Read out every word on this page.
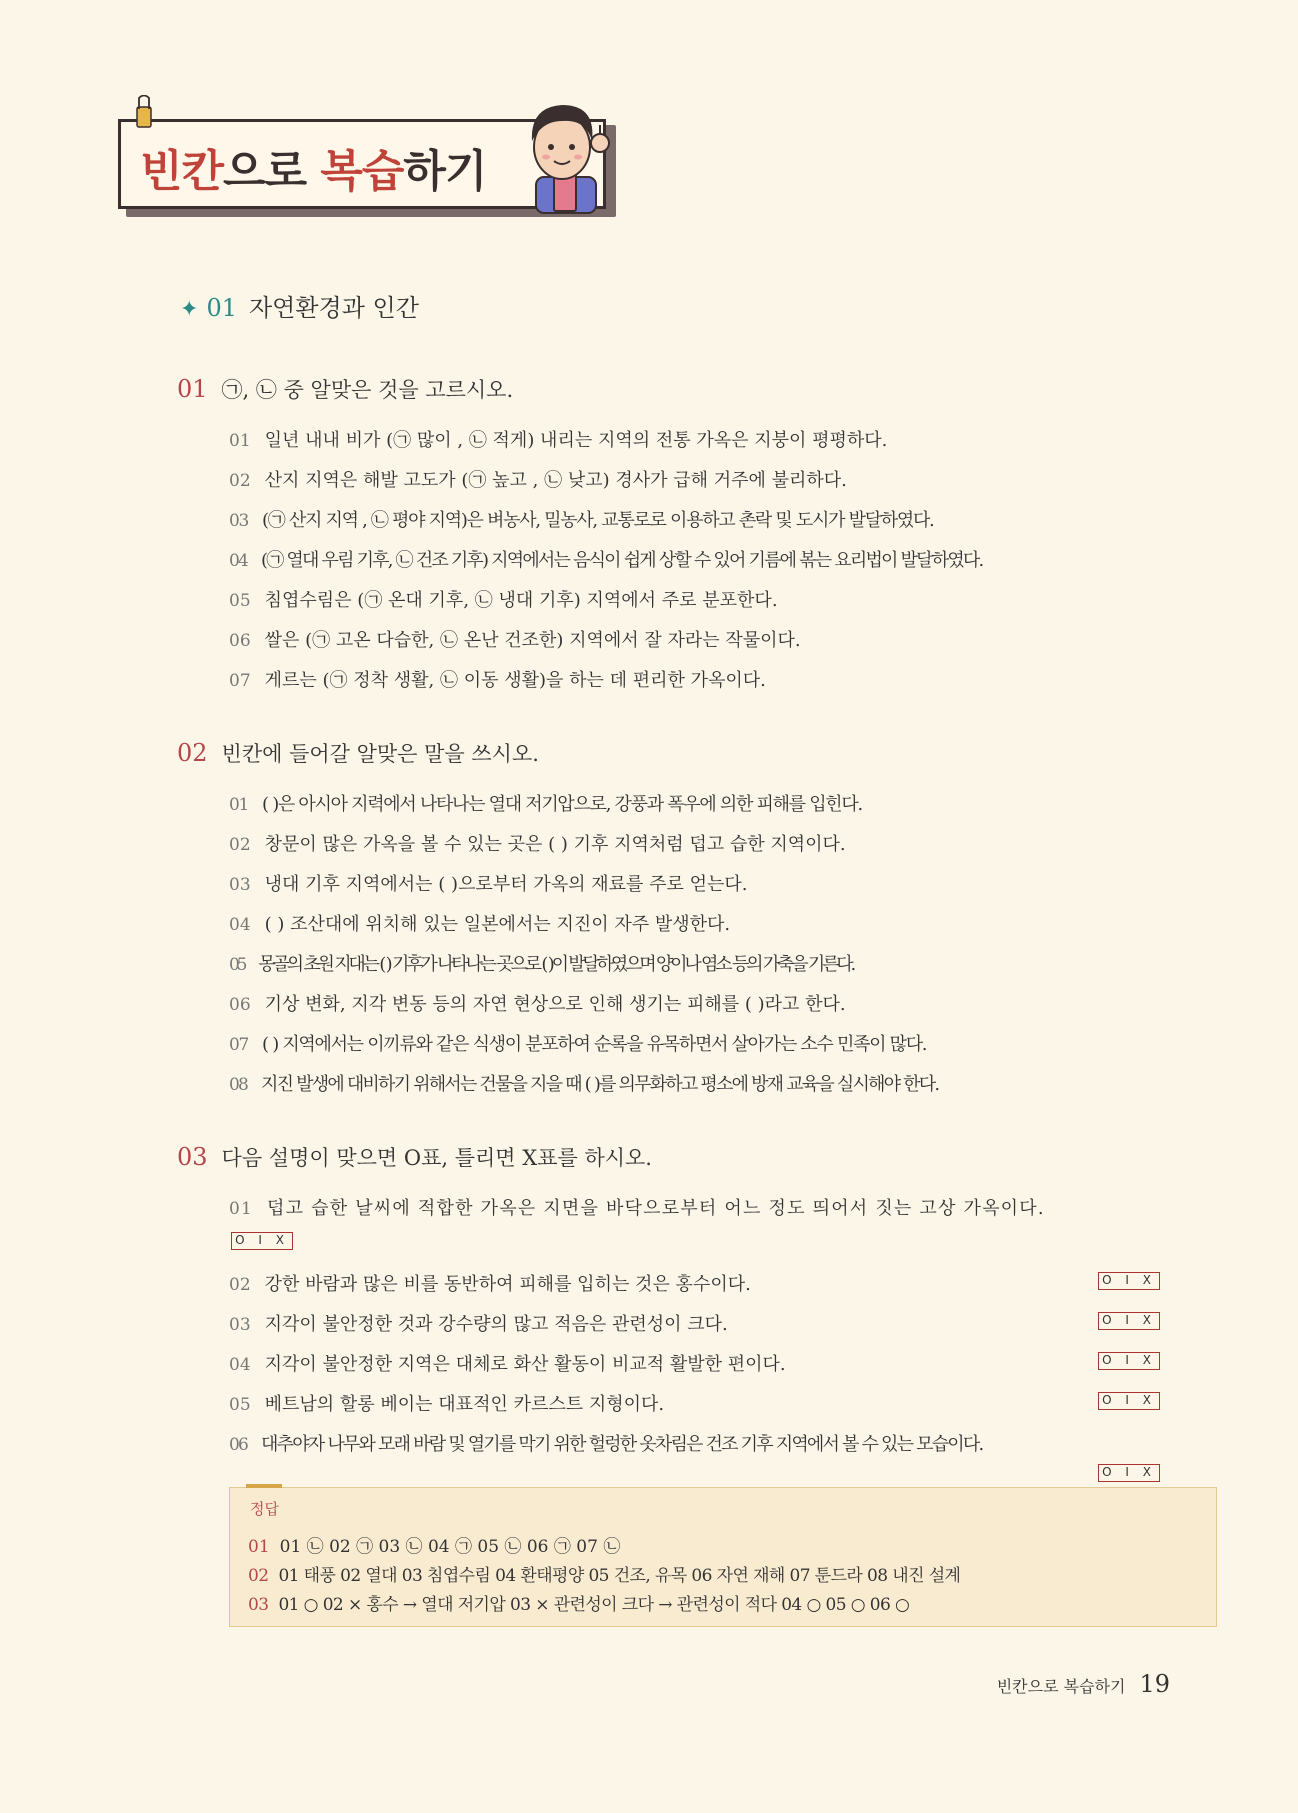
빈칸으로 복습하기
✦ 01 자연환경과 인간
01 ㉠, ㉡ 중 알맞은 것을 고르시오.
01 일년 내내 비가 (㉠ 많이 , ㉡ 적게) 내리는 지역의 전통 가옥은 지붕이 평평하다.
02 산지 지역은 해발 고도가 (㉠ 높고 , ㉡ 낮고) 경사가 급해 거주에 불리하다.
03 (㉠ 산지 지역 , ㉡ 평야 지역)은 벼농사, 밀농사, 교통로로 이용하고 촌락 및 도시가 발달하였다.
04 (㉠ 열대 우림 기후, ㉡ 건조 기후) 지역에서는 음식이 쉽게 상할 수 있어 기름에 볶는 요리법이 발달하였다.
05 침엽수림은 (㉠ 온대 기후, ㉡ 냉대 기후) 지역에서 주로 분포한다.
06 쌀은 (㉠ 고온 다습한, ㉡ 온난 건조한) 지역에서 잘 자라는 작물이다.
07 게르는 (㉠ 정착 생활, ㉡ 이동 생활)을 하는 데 편리한 가옥이다.
02 빈칸에 들어갈 알맞은 말을 쓰시오.
01 ( )은 아시아 지력에서 나타나는 열대 저기압으로, 강풍과 폭우에 의한 피해를 입힌다.
02 창문이 많은 가옥을 볼 수 있는 곳은 ( ) 기후 지역처럼 덥고 습한 지역이다.
03 냉대 기후 지역에서는 ( )으로부터 가옥의 재료를 주로 얻는다.
04 ( ) 조산대에 위치해 있는 일본에서는 지진이 자주 발생한다.
05 몽골의 초원 지대는 ( ) 기후가 나타나는 곳으로 ( )이 발달하였으며 양이나 염소 등의 가축을 기른다.
06 기상 변화, 지각 변동 등의 자연 현상으로 인해 생기는 피해를 ( )라고 한다.
07 ( ) 지역에서는 이끼류와 같은 식생이 분포하여 순록을 유목하면서 살아가는 소수 민족이 많다.
08 지진 발생에 대비하기 위해서는 건물을 지을 때 ( )를 의무화하고 평소에 방재 교육을 실시해야 한다.
03 다음 설명이 맞으면 O표, 틀리면 X표를 하시오.
01 덥고 습한 날씨에 적합한 가옥은 지면을 바닥으로부터 어느 정도 띄어서 짓는 고상 가옥이다.
O I X
02 강한 바람과 많은 비를 동반하여 피해를 입히는 것은 홍수이다.	O I X
03 지각이 불안정한 것과 강수량의 많고 적음은 관련성이 크다.	O I X
04 지각이 불안정한 지역은 대체로 화산 활동이 비교적 활발한 편이다.	O I X
05 베트남의 할롱 베이는 대표적인 카르스트 지형이다.	O I X
06 대추야자 나무와 모래 바람 및 열기를 막기 위한 헐렁한 옷차림은 건조 기후 지역에서 볼 수 있는 모습이다.
O I X
정답
01 01 ㉡ 02 ㉠ 03 ㉡ 04 ㉠ 05 ㉡ 06 ㉠ 07 ㉡
02 01 태풍 02 열대 03 침엽수림 04 환태평양 05 건조, 유목 06 자연 재해 07 툰드라 08 내진 설계
03 01 ○ 02 × 홍수 → 열대 저기압 03 × 관련성이 크다 → 관련성이 적다 04 ○ 05 ○ 06 ○
빈칸으로 복습하기 19
